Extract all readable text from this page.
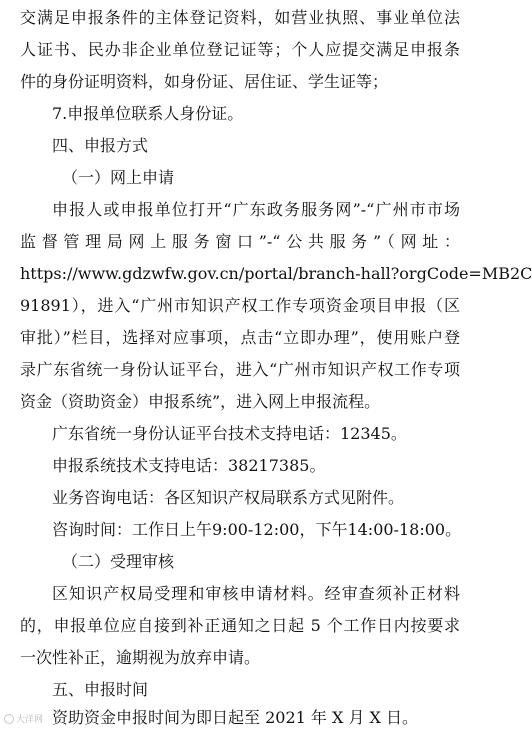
交满足申报条件的主体登记资料，如营业执照、事业单位法
人证书、民办非企业单位登记证等；个人应提交满足申报条
件的身份证明资料，如身份证、居住证、学生证等；
7.申报单位联系人身份证。
四、申报方式
（一）网上申请
申报人或申报单位打开“广东政务服务网”-“广州市市场
监督管理局网上服务窗口”-“公共服务”（网址：
https://www.gdzwfw.gov.cn/portal/branch-hall?orgCode=MB2C
91891），进入“广州市知识产权工作专项资金项目申报（区
审批）”栏目，选择对应事项，点击“立即办理”，使用账户登
录广东省统一身份认证平台，进入“广州市知识产权工作专项
资金（资助资金）申报系统”，进入网上申报流程。
广东省统一身份认证平台技术支持电话：12345。
申报系统技术支持电话：38217385。
业务咨询电话：各区知识产权局联系方式见附件。
咨询时间：工作日上午9:00-12:00，下午14:00-18:00。
（二）受理审核
区知识产权局受理和审核申请材料。经审查须补正材料
的，申报单位应自接到补正通知之日起 5 个工作日内按要求
一次性补正，逾期视为放弃申请。
五、申报时间
资助资金申报时间为即日起至 2021 年 X 月 X 日。
大洋网
